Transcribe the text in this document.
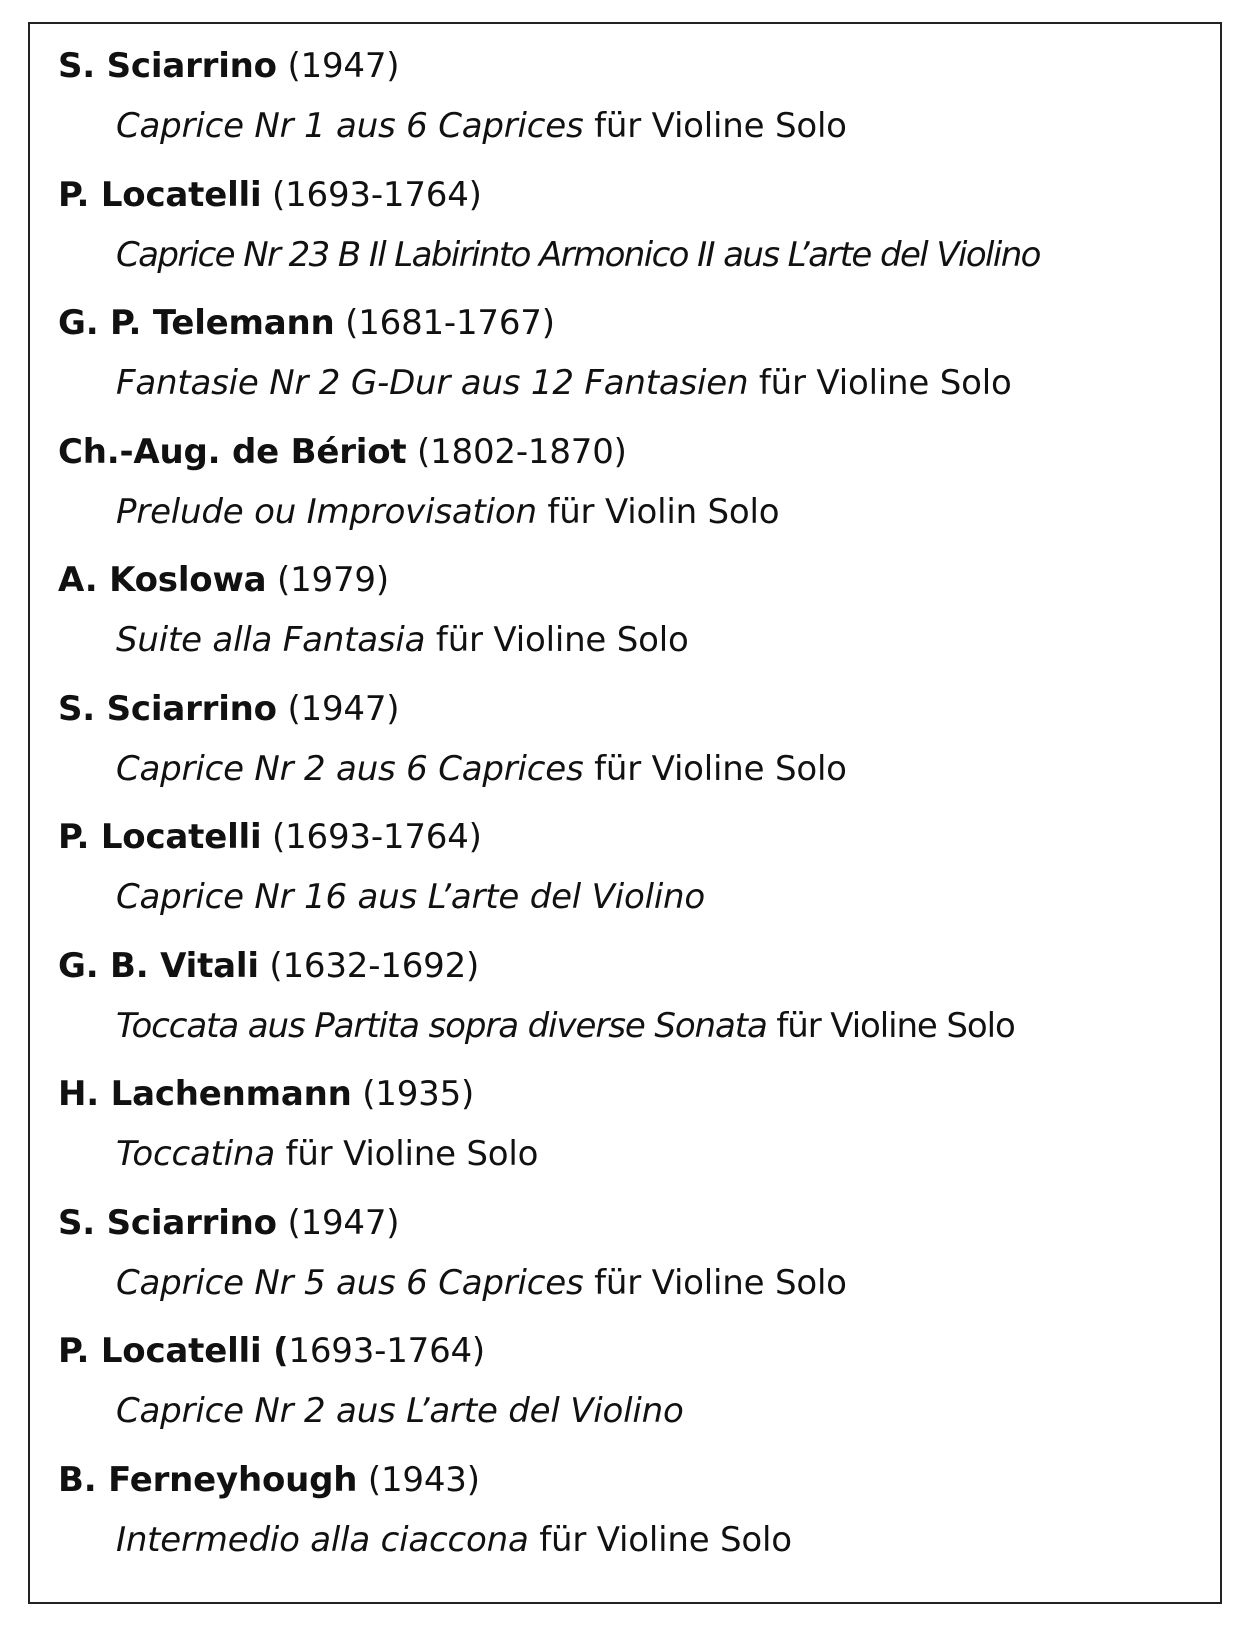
S. Sciarrino (1947)
Caprice Nr 1 aus 6 Caprices für Violine Solo
P. Locatelli (1693-1764)
Caprice Nr 23 B Il Labirinto Armonico II aus L’arte del Violino
G. P. Telemann (1681-1767)
Fantasie Nr 2 G-Dur aus 12 Fantasien für Violine Solo
Ch.-Aug. de Bériot (1802-1870)
Prelude ou Improvisation für Violin Solo
A. Koslowa (1979)
Suite alla Fantasia für Violine Solo
S. Sciarrino (1947)
Caprice Nr 2 aus 6 Caprices für Violine Solo
P. Locatelli (1693-1764)
Caprice Nr 16 aus L’arte del Violino
G. B. Vitali (1632-1692)
Toccata aus Partita sopra diverse Sonata für Violine Solo
H. Lachenmann (1935)
Toccatina für Violine Solo
S. Sciarrino (1947)
Caprice Nr 5 aus 6 Caprices für Violine Solo
P. Locatelli (1693-1764)
Caprice Nr 2 aus L’arte del Violino
B. Ferneyhough (1943)
Intermedio alla ciaccona für Violine Solo
